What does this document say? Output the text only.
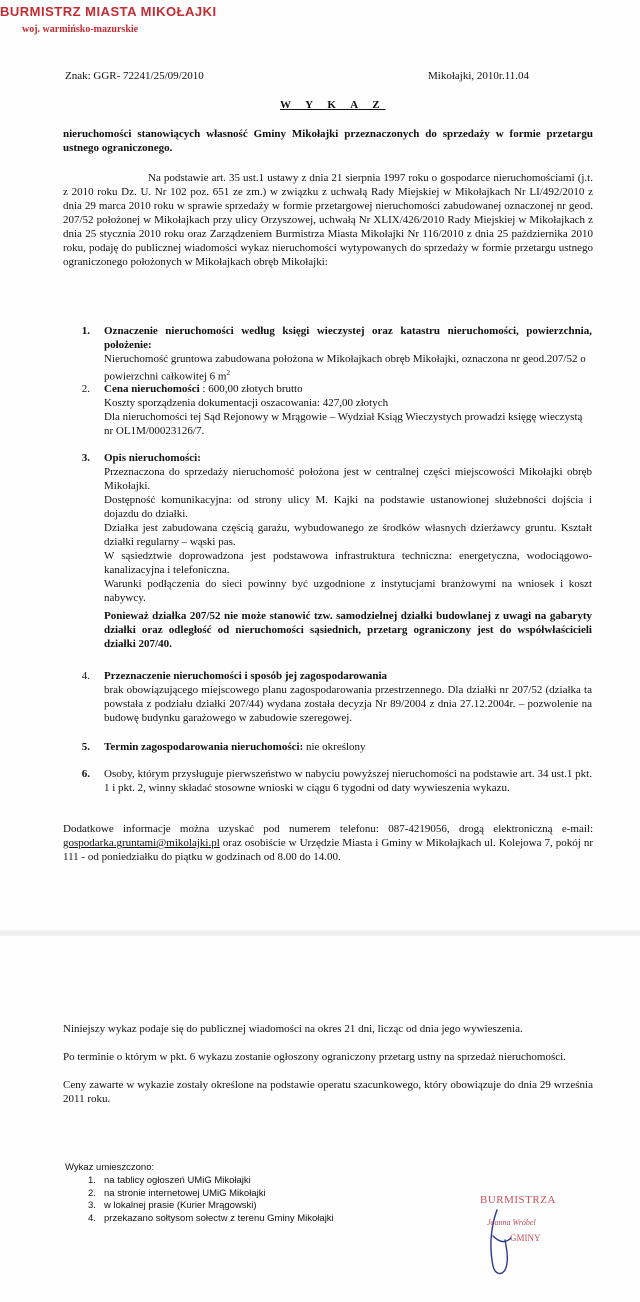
BURMISTRZ MIASTA MIKOŁAJKI
woj. warmińsko-mazurskie
Znak: GGR- 72241/25/09/2010	Mikołajki, 2010r.11.04
W Y K A Z
nieruchomości stanowiących własność Gminy Mikołajki przeznaczonych do sprzedaży w formie przetargu ustnego ograniczonego.
Na podstawie art. 35 ust.1 ustawy z dnia 21 sierpnia 1997 roku o gospodarce nieruchomościami (j.t. z 2010 roku Dz. U. Nr 102 poz. 651 ze zm.) w związku z uchwałą Rady Miejskiej w Mikołajkach Nr LI/492/2010 z dnia 29 marca 2010 roku w sprawie sprzedaży w formie przetargowej nieruchomości zabudowanej oznaczonej nr geod. 207/52 położonej w Mikołajkach przy ulicy Orzyszowej, uchwałą Nr XLIX/426/2010 Rady Miejskiej w Mikołajkach z dnia 25 stycznia 2010 roku oraz Zarządzeniem Burmistrza Miasta Mikołajki Nr 116/2010 z dnia 25 października 2010 roku, podaję do publicznej wiadomości wykaz nieruchomości wytypowanych do sprzedaży w formie przetargu ustnego ograniczonego położonych w Mikołajkach obręb Mikołajki:
1. Oznaczenie nieruchomości według księgi wieczystej oraz katastru nieruchomości, powierzchnia, położenie:
Nieruchomość gruntowa zabudowana położona w Mikołajkach obręb Mikołajki, oznaczona nr geod.207/52 o powierzchni całkowitej 6 $m^2$
2. Cena nieruchomości : 600,00 złotych brutto
Koszty sporządzenia dokumentacji oszacowania: 427,00 złotych
Dla nieruchomości tej Sąd Rejonowy w Mrągowie – Wydział Ksiąg Wieczystych prowadzi księgę wieczystą nr OL1M/00023126/7.
3. Opis nieruchomości:
Przeznaczona do sprzedaży nieruchomość położona jest w centralnej części miejscowości Mikołajki obręb Mikołajki.
Dostępność komunikacyjna: od strony ulicy M. Kajki na podstawie ustanowionej służebności dojścia i dojazdu do działki.
Działka jest zabudowana częścią garażu, wybudowanego ze środków własnych dzierżawcy gruntu. Kształt działki regularny – wąski pas.
W sąsiedztwie doprowadzona jest podstawowa infrastruktura techniczna: energetyczna, wodociągowo-kanalizacyjna i telefoniczna.
Warunki podłączenia do sieci powinny być uzgodnione z instytucjami branżowymi na wniosek i koszt nabywcy.
Ponieważ działka 207/52 nie może stanowić tzw. samodzielnej działki budowlanej z uwagi na gabaryty działki oraz odległość od nieruchomości sąsiednich, przetarg ograniczony jest do współwłaścicieli działki 207/40.
4. Przeznaczenie nieruchomości i sposób jej zagospodarowania
brak obowiązującego miejscowego planu zagospodarowania przestrzennego. Dla działki nr 207/52 (działka ta powstała z podziału działki 207/44) wydana została decyzja Nr 89/2004 z dnia 27.12.2004r. – pozwolenie na budowę budynku garażowego w zabudowie szeregowej.
5. Termin zagospodarowania nieruchomości: nie określony
6. Osoby, którym przysługuje pierwszeństwo w nabyciu powyższej nieruchomości na podstawie art. 34 ust.1 pkt. 1 i pkt. 2, winny składać stosowne wnioski w ciągu 6 tygodni od daty wywieszenia wykazu.
Dodatkowe informacje można uzyskać pod numerem telefonu: 087-4219056, drogą elektroniczną e-mail: gospodarka.gruntami@mikolajki.pl oraz osobiście w Urzędzie Miasta i Gminy w Mikołajkach ul. Kolejowa 7, pokój nr 111 - od poniedziałku do piątku w godzinach od 8.00 do 14.00.
Niniejszy wykaz podaje się do publicznej wiadomości na okres 21 dni, licząc od dnia jego wywieszenia.
Po terminie o którym w pkt. 6 wykazu zostanie ogłoszony ograniczony przetarg ustny na sprzedaż nieruchomości.
Ceny zawarte w wykazie zostały określone na podstawie operatu szacunkowego, który obowiązuje do dnia 29 września 2011 roku.
Wykaz umieszczono:
1. na tablicy ogłoszeń UMiG Mikołajki
2. na stronie internetowej UMiG Mikołajki
3. w lokalnej prasie (Kurier Mrągowski)
4. przekazano sołtysom sołectw z terenu Gminy Mikołajki
BURMISTRZA
Joanna Wróbel
GMINY
